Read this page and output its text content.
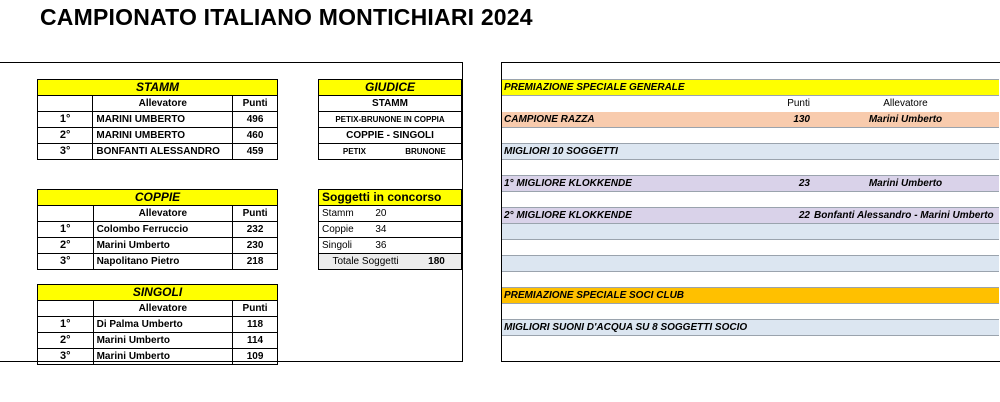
CAMPIONATO ITALIANO MONTICHIARI 2024
STAMM		
	Allevatore	Punti
1°	MARINI UMBERTO	496
2°	MARINI UMBERTO	460
3°	BONFANTI ALESSANDRO	459
COPPIE		
	Allevatore	Punti
1°	Colombo Ferruccio	232
2°	Marini Umberto	230
3°	Napolitano Pietro	218
SINGOLI		
	Allevatore	Punti
1°	Di Palma Umberto	118
2°	Marini Umberto	114
3°	Marini Umberto	109
GIUDICE
STAMM
PETIX-BRUNONE IN COPPIA
COPPIE - SINGOLI
PETIX	BRUNONE
Soggetti in concorso		
Stamm	20	
Coppie	34	
Singoli	36	
Totale Soggetti		180
PREMIAZIONE SPECIALE GENERALE		
	Punti	Allevatore
CAMPIONE RAZZA	130	Marini Umberto

MIGLIORI 10 SOGGETTI		

1° MIGLIORE KLOKKENDE	23	Marini Umberto

2° MIGLIORE KLOKKENDE	22	Bonfanti Alessandro - Marini Umberto

PREMIAZIONE SPECIALE SOCI CLUB		

MIGLIORI SUONI D'ACQUA SU 8 SOGGETTI SOCIO		
